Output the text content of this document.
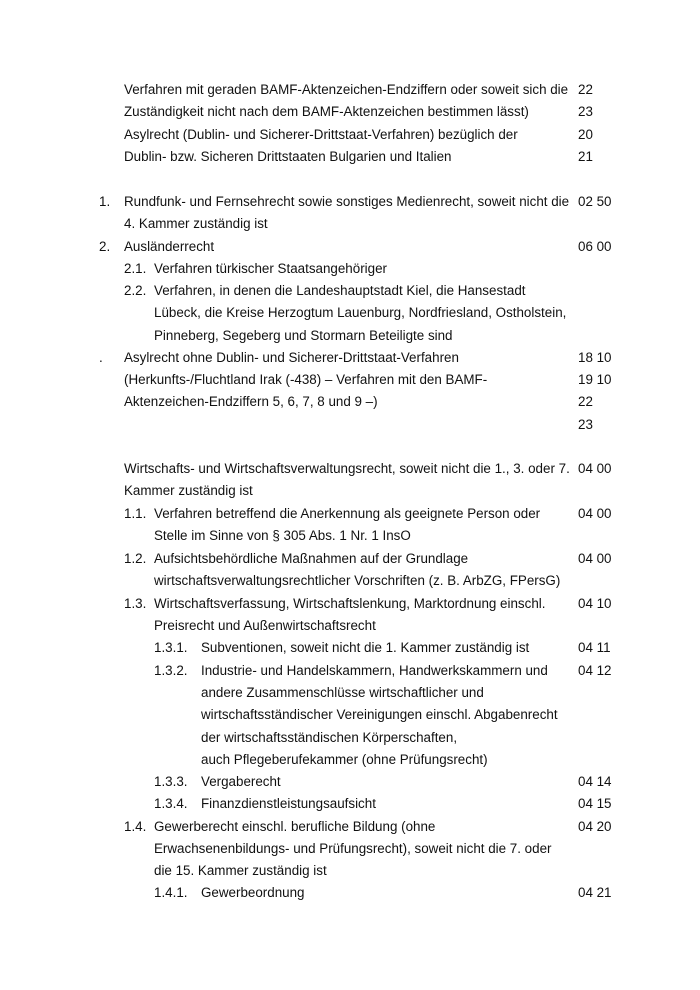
Verfahren mit geraden BAMF-Aktenzeichen-Endziffern oder soweit sich die 22
Zuständigkeit nicht nach dem BAMF-Aktenzeichen bestimmen lässt)	23
Asylrecht (Dublin- und Sicherer-Drittstaat-Verfahren) bezüglich der	20
Dublin- bzw. Sicheren Drittstaaten Bulgarien und Italien	21
1. Rundfunk- und Fernsehrecht sowie sonstiges Medienrecht, soweit nicht die 02 50
4. Kammer zuständig ist
2. Ausländerrecht	06 00
2.1. Verfahren türkischer Staatsangehöriger
2.2. Verfahren, in denen die Landeshauptstadt Kiel, die Hansestadt
Lübeck, die Kreise Herzogtum Lauenburg, Nordfriesland, Ostholstein,
Pinneberg, Segeberg und Stormarn Beteiligte sind
. Asylrecht ohne Dublin- und Sicherer-Drittstaat-Verfahren	18 10
(Herkunfts-/Fluchtland Irak (-438) – Verfahren mit den BAMF-	19 10
Aktenzeichen-Endziffern 5, 6, 7, 8 und 9 –)	22
23
Wirtschafts- und Wirtschaftsverwaltungsrecht, soweit nicht die 1., 3. oder 7. 04 00
Kammer zuständig ist
1.1. Verfahren betreffend die Anerkennung als geeignete Person oder	04 00
Stelle im Sinne von § 305 Abs. 1 Nr. 1 InsO
1.2. Aufsichtsbehördliche Maßnahmen auf der Grundlage	04 00
wirtschaftsverwaltungsrechtlicher Vorschriften (z. B. ArbZG, FPersG)
1.3. Wirtschaftsverfassung, Wirtschaftslenkung, Marktordnung einschl. 04 10
Preisrecht und Außenwirtschaftsrecht
1.3.1. Subventionen, soweit nicht die 1. Kammer zuständig ist	04 11
1.3.2. Industrie- und Handelskammern, Handwerkskammern und 04 12
andere Zusammenschlüsse wirtschaftlicher und
wirtschaftsständischer Vereinigungen einschl. Abgabenrecht
der wirtschaftsständischen Körperschaften,
auch Pflegeberufekammer (ohne Prüfungsrecht)
1.3.3. Vergaberecht	04 14
1.3.4. Finanzdienstleistungsaufsicht	04 15
1.4. Gewerberecht einschl. berufliche Bildung (ohne	04 20
Erwachsenenbildungs- und Prüfungsrecht), soweit nicht die 7. oder
die 15. Kammer zuständig ist
1.4.1. Gewerbeordnung	04 21
